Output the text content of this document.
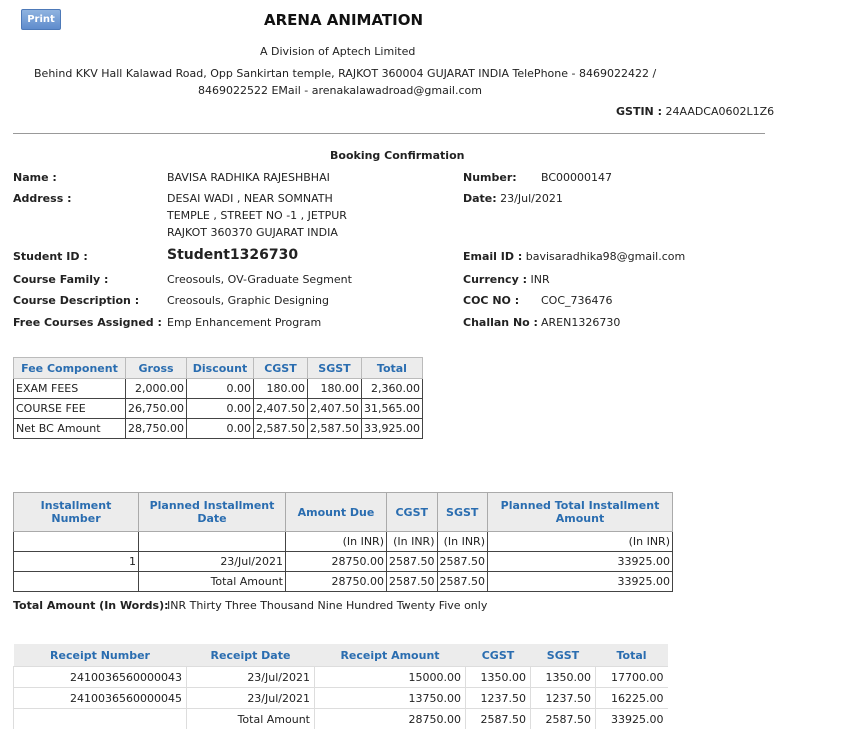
Print	ARENA ANIMATION
A Division of Aptech Limited
Behind KKV Hall Kalawad Road, Opp Sankirtan temple, RAJKOT 360004 GUJARAT INDIA TelePhone - 8469022422 /
8469022522 EMail - arenakalawadroad@gmail.com
GSTIN : 24AADCA0602L1Z6
Booking Confirmation
Name :	BAVISA RADHIKA RAJESHBHAI	Number: BC00000147
Address :	DESAI WADI , NEAR SOMNATH
TEMPLE , STREET NO -1 , JETPUR
RAJKOT 360370 GUJARAT INDIA
Date: 23/Jul/2021
Student ID :	Student1326730	Email ID : bavisaradhika98@gmail.com
Course Family :	Creosouls, OV-Graduate Segment	Currency : INR
Course Description :	Creosouls, Graphic Designing	COC NO : COC_736476
Free Courses Assigned : Emp Enhancement Program	Challan No : AREN1326730
Fee Component	Gross	Discount	CGST	SGST	Total
EXAM FEES	2,000.00	0.00	180.00	180.00	2,360.00
COURSE FEE	26,750.00	0.00	2,407.50	2,407.50	31,565.00
Net BC Amount	28,750.00	0.00	2,587.50	2,587.50	33,925.00
Installment Number	Planned Installment Date	Amount Due	CGST	SGST	Planned Total Installment Amount
		(In INR)	(In INR)	(In INR)	(In INR)
1	23/Jul/2021	28750.00	2587.50	2587.50	33925.00
	Total Amount	28750.00	2587.50	2587.50	33925.00
Total Amount (In Words):
INR Thirty Three Thousand Nine Hundred Twenty Five only
Receipt Number	Receipt Date	Receipt Amount	CGST	SGST	Total
2410036560000043	23/Jul/2021	15000.00	1350.00	1350.00	17700.00
2410036560000045	23/Jul/2021	13750.00	1237.50	1237.50	16225.00
	Total Amount	28750.00	2587.50	2587.50	33925.00
